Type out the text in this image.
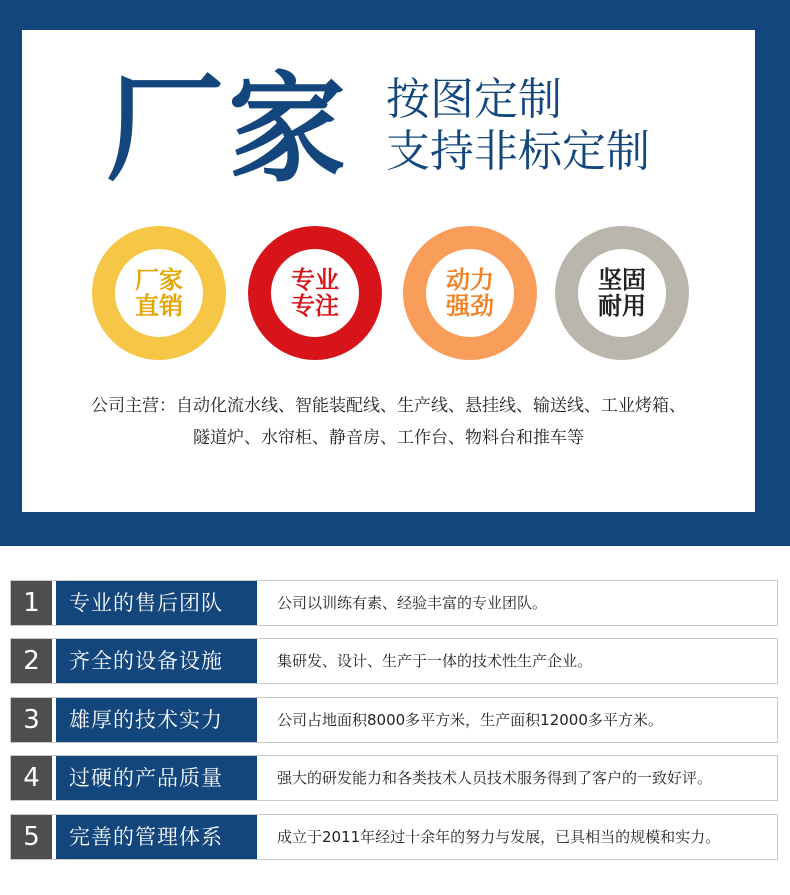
厂家 按图定制
支持非标定制
厂家
直销
专业
专注
动力
强劲
坚固
耐用
公司主营：自动化流水线、智能装配线、生产线、悬挂线、输送线、工业烤箱、
隧道炉、水帘柜、静音房、工作台、物料台和推车等
1	专业的售后团队	公司以训练有素、经验丰富的专业团队。
2	齐全的设备设施	集研发、设计、生产于一体的技术性生产企业。
3	雄厚的技术实力	公司占地面积8000多平方米，生产面积12000多平方米。
4	过硬的产品质量	强大的研发能力和各类技术人员技术服务得到了客户的一致好评。
5	完善的管理体系	成立于2011年经过十余年的努力与发展，已具相当的规模和实力。
